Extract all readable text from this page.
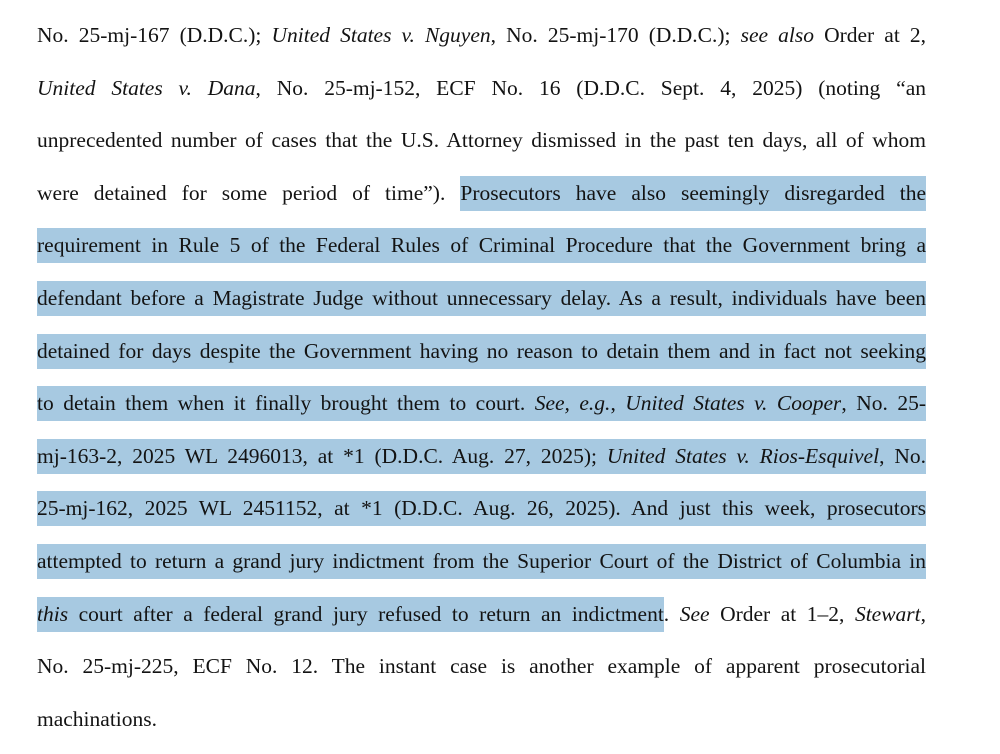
No. 25-mj-167 (D.D.C.); United States v. Nguyen, No. 25-mj-170 (D.D.C.); see also Order at 2,
United States v. Dana, No. 25-mj-152, ECF No. 16 (D.D.C. Sept. 4, 2025) (noting “an
unprecedented number of cases that the U.S. Attorney dismissed in the past ten days, all of whom
were detained for some period of time”). Prosecutors have also seemingly disregarded the
requirement in Rule 5 of the Federal Rules of Criminal Procedure that the Government bring a
defendant before a Magistrate Judge without unnecessary delay. As a result, individuals have been
detained for days despite the Government having no reason to detain them and in fact not seeking
to detain them when it finally brought them to court. See, e.g., United States v. Cooper, No. 25-
mj-163-2, 2025 WL 2496013, at *1 (D.D.C. Aug. 27, 2025); United States v. Rios-Esquivel, No.
25-mj-162, 2025 WL 2451152, at *1 (D.D.C. Aug. 26, 2025). And just this week, prosecutors
attempted to return a grand jury indictment from the Superior Court of the District of Columbia in
this court after a federal grand jury refused to return an indictment. See Order at 1–2, Stewart,
No. 25-mj-225, ECF No. 12. The instant case is another example of apparent prosecutorial
machinations.
